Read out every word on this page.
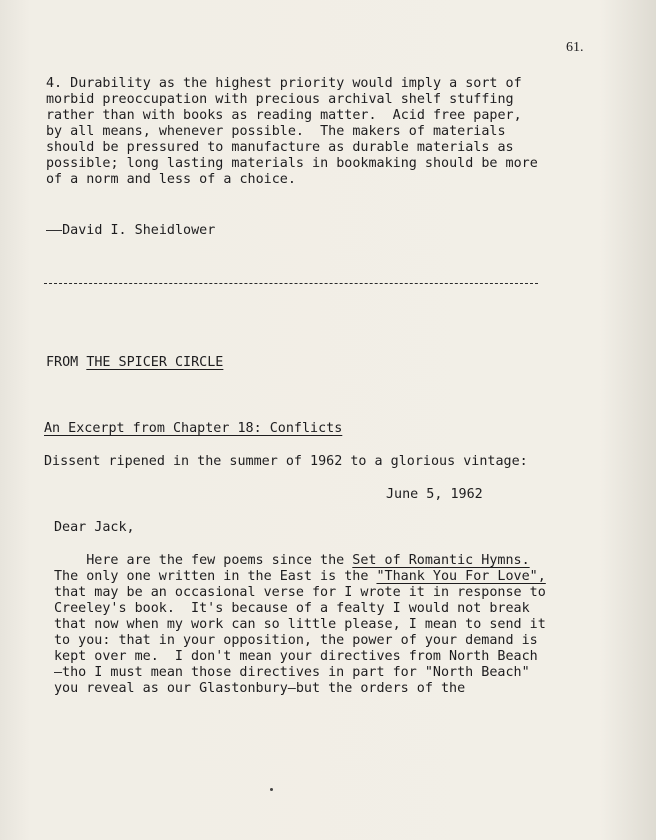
61.
4. Durability as the highest priority would imply a sort of
morbid preoccupation with precious archival shelf stuffing
rather than with books as reading matter.  Acid free paper,
by all means, whenever possible.  The makers of materials
should be pressured to manufacture as durable materials as
possible; long lasting materials in bookmaking should be more
of a norm and less of a choice.
——David I. Sheidlower
FROM THE SPICER CIRCLE
An Excerpt from Chapter 18: Conflicts
Dissent ripened in the summer of 1962 to a glorious vintage:
June 5, 1962
Dear Jack,
Here are the few poems since the Set of Romantic Hymns.
The only one written in the East is the "Thank You For Love",
that may be an occasional verse for I wrote it in response to
Creeley's book.  It's because of a fealty I would not break
that now when my work can so little please, I mean to send it
to you: that in your opposition, the power of your demand is
kept over me.  I don't mean your directives from North Beach
—tho I must mean those directives in part for "North Beach"
you reveal as our Glastonbury—but the orders of the
